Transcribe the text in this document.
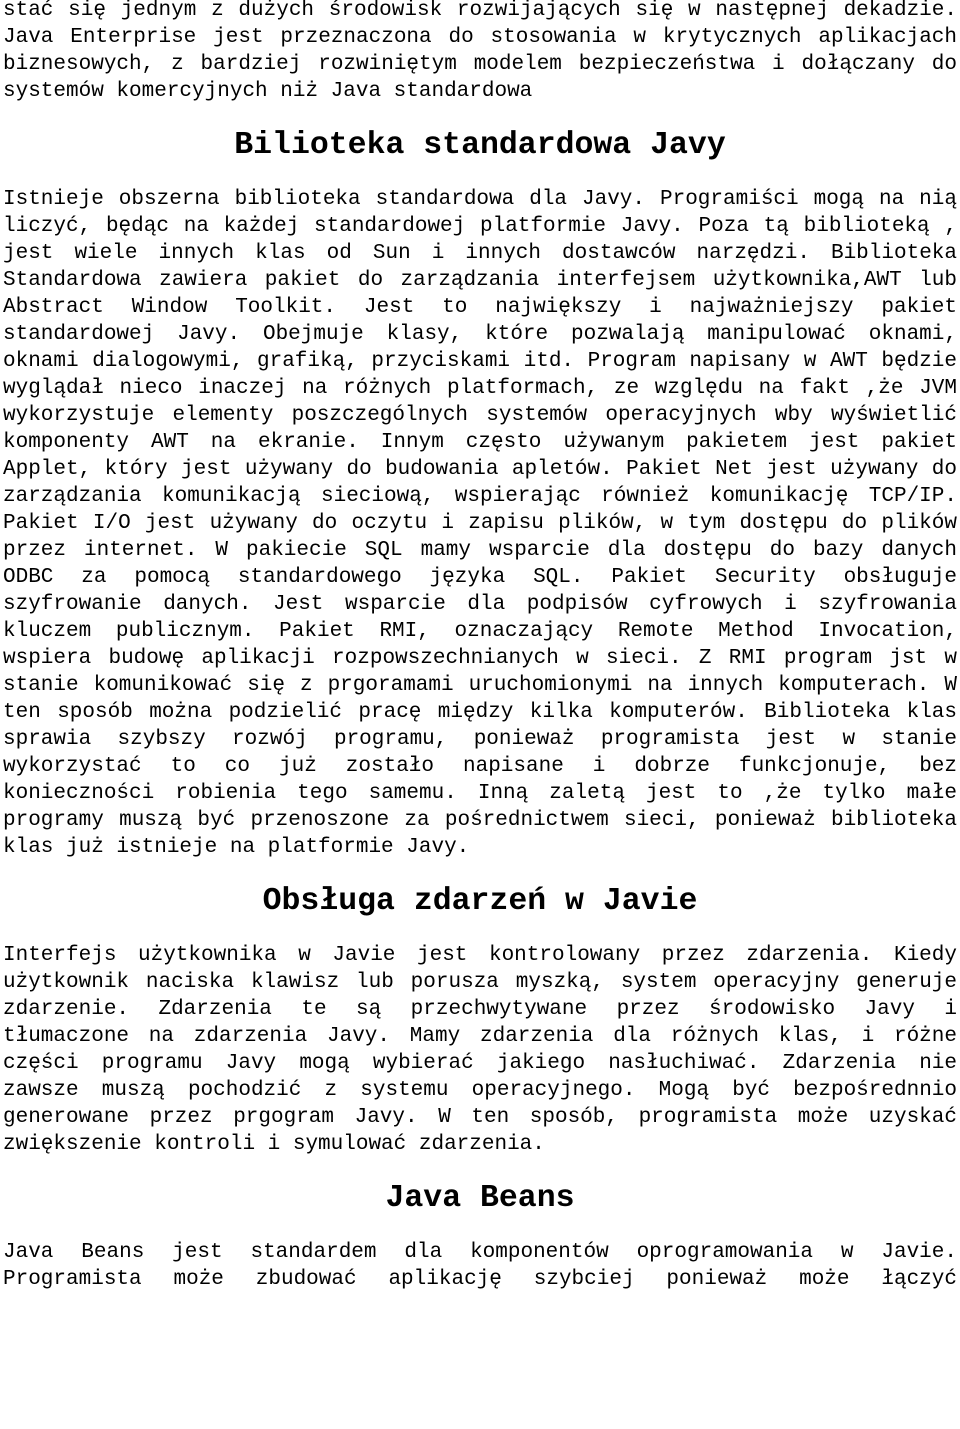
stać się jednym z dużych środowisk rozwijających się w następnej dekadzie. Java Enterprise jest przeznaczona do stosowania w krytycznych aplikacjach biznesowych, z bardziej rozwiniętym modelem bezpieczeństwa i dołączany do systemów komercyjnych niż Java standardowa

Bilioteka standardowa Javy

Istnieje obszerna biblioteka standardowa dla Javy. Programiści mogą na nią liczyć, będąc na każdej standardowej platformie Javy. Poza tą biblioteką , jest wiele innych klas od Sun i innych dostawców narzędzi. Biblioteka Standardowa zawiera pakiet do zarządzania interfejsem użytkownika,AWT lub Abstract Window Toolkit. Jest to największy i najważniejszy pakiet standardowej Javy. Obejmuje klasy, które pozwalają manipulować oknami, oknami dialogowymi, grafiką, przyciskami itd. Program napisany w AWT będzie wyglądał nieco inaczej na różnych platformach, ze względu na fakt ,że JVM wykorzystuje elementy poszczególnych systemów operacyjnych wby wyświetlić komponenty AWT na ekranie. Innym często używanym pakietem jest pakiet Applet, który jest używany do budowania apletów. Pakiet Net jest używany do zarządzania komunikacją sieciową, wspierając również komunikację TCP/IP. Pakiet I/O jest używany do oczytu i zapisu plików, w tym dostępu do plików przez internet. W pakiecie SQL mamy wsparcie dla dostępu do bazy danych ODBC za pomocą standardowego języka SQL. Pakiet Security obsługuje szyfrowanie danych. Jest wsparcie dla podpisów cyfrowych i szyfrowania kluczem publicznym. Pakiet RMI, oznaczający Remote Method Invocation, wspiera budowę aplikacji rozpowszechnianych w sieci. Z RMI program jst w stanie komunikować się z prgoramami uruchomionymi na innych komputerach. W ten sposób można podzielić pracę między kilka komputerów. Biblioteka klas sprawia szybszy rozwój programu, ponieważ programista jest w stanie wykorzystać to co już zostało napisane i dobrze funkcjonuje, bez konieczności robienia tego samemu. Inną zaletą jest to ,że tylko małe programy muszą być przenoszone za pośrednictwem sieci, ponieważ biblioteka klas już istnieje na platformie Javy.

Obsługa zdarzeń w Javie

Interfejs użytkownika w Javie jest kontrolowany przez zdarzenia. Kiedy użytkownik naciska klawisz lub porusza myszką, system operacyjny generuje zdarzenie. Zdarzenia te są przechwytywane przez środowisko Javy i tłumaczone na zdarzenia Javy. Mamy zdarzenia dla różnych klas, i różne części programu Javy mogą wybierać jakiego nasłuchiwać. Zdarzenia nie zawsze muszą pochodzić z systemu operacyjnego. Mogą być bezpośrednnio generowane przez prgogram Javy. W ten sposób, programista może uzyskać zwiększenie kontroli i symulować zdarzenia.

Java Beans

Java Beans jest standardem dla komponentów oprogramowania w Javie. Programista może zbudować aplikację szybciej ponieważ może łączyć
